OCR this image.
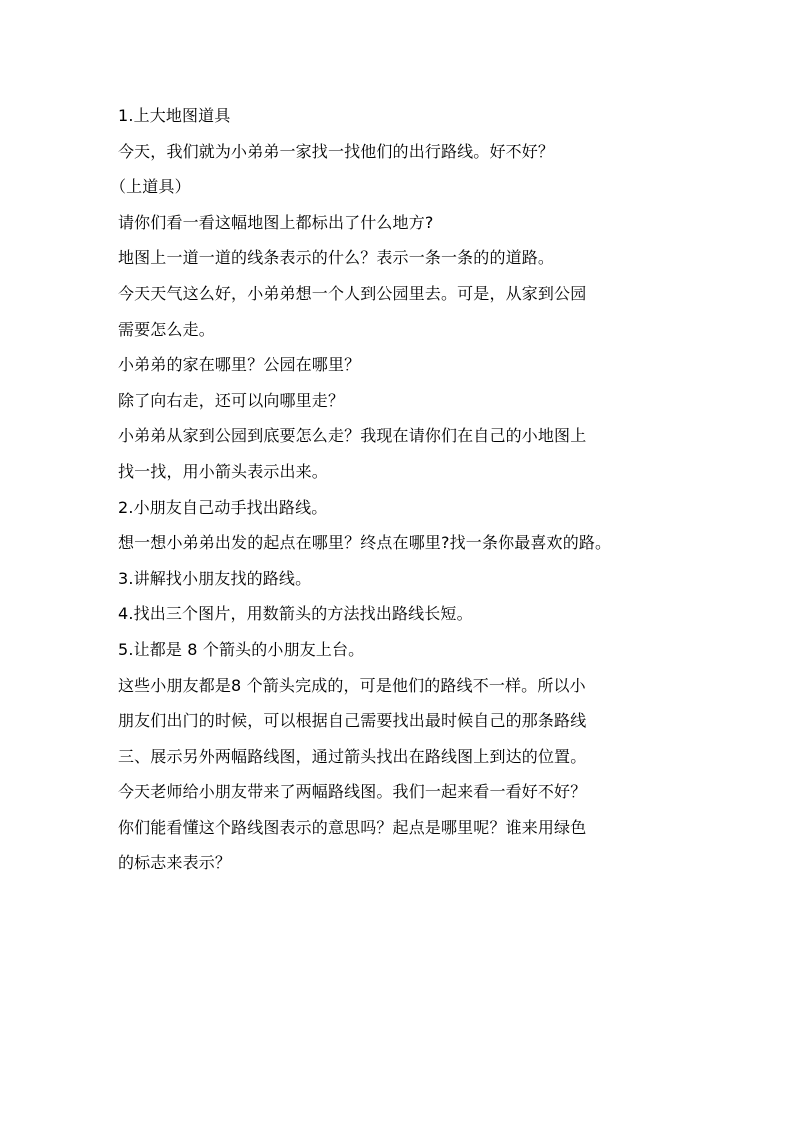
1.上大地图道具
今天，我们就为小弟弟一家找一找他们的出行路线。好不好？
（上道具）
请你们看一看这幅地图上都标出了什么地方?
地图上一道一道的线条表示的什么？表示一条一条的的道路。
今天天气这么好，小弟弟想一个人到公园里去。可是，从家到公园
需要怎么走。
小弟弟的家在哪里？公园在哪里？
除了向右走，还可以向哪里走？
小弟弟从家到公园到底要怎么走？我现在请你们在自己的小地图上
找一找，用小箭头表示出来。
2.小朋友自己动手找出路线。
想一想小弟弟出发的起点在哪里？终点在哪里?找一条你最喜欢的路。
3.讲解找小朋友找的路线。
4.找出三个图片，用数箭头的方法找出路线长短。
5.让都是 8 个箭头的小朋友上台。
这些小朋友都是8 个箭头完成的，可是他们的路线不一样。所以小
朋友们出门的时候，可以根据自己需要找出最时候自己的那条路线
三、展示另外两幅路线图，通过箭头找出在路线图上到达的位置。
今天老师给小朋友带来了两幅路线图。我们一起来看一看好不好？
你们能看懂这个路线图表示的意思吗？起点是哪里呢？谁来用绿色
的标志来表示？
